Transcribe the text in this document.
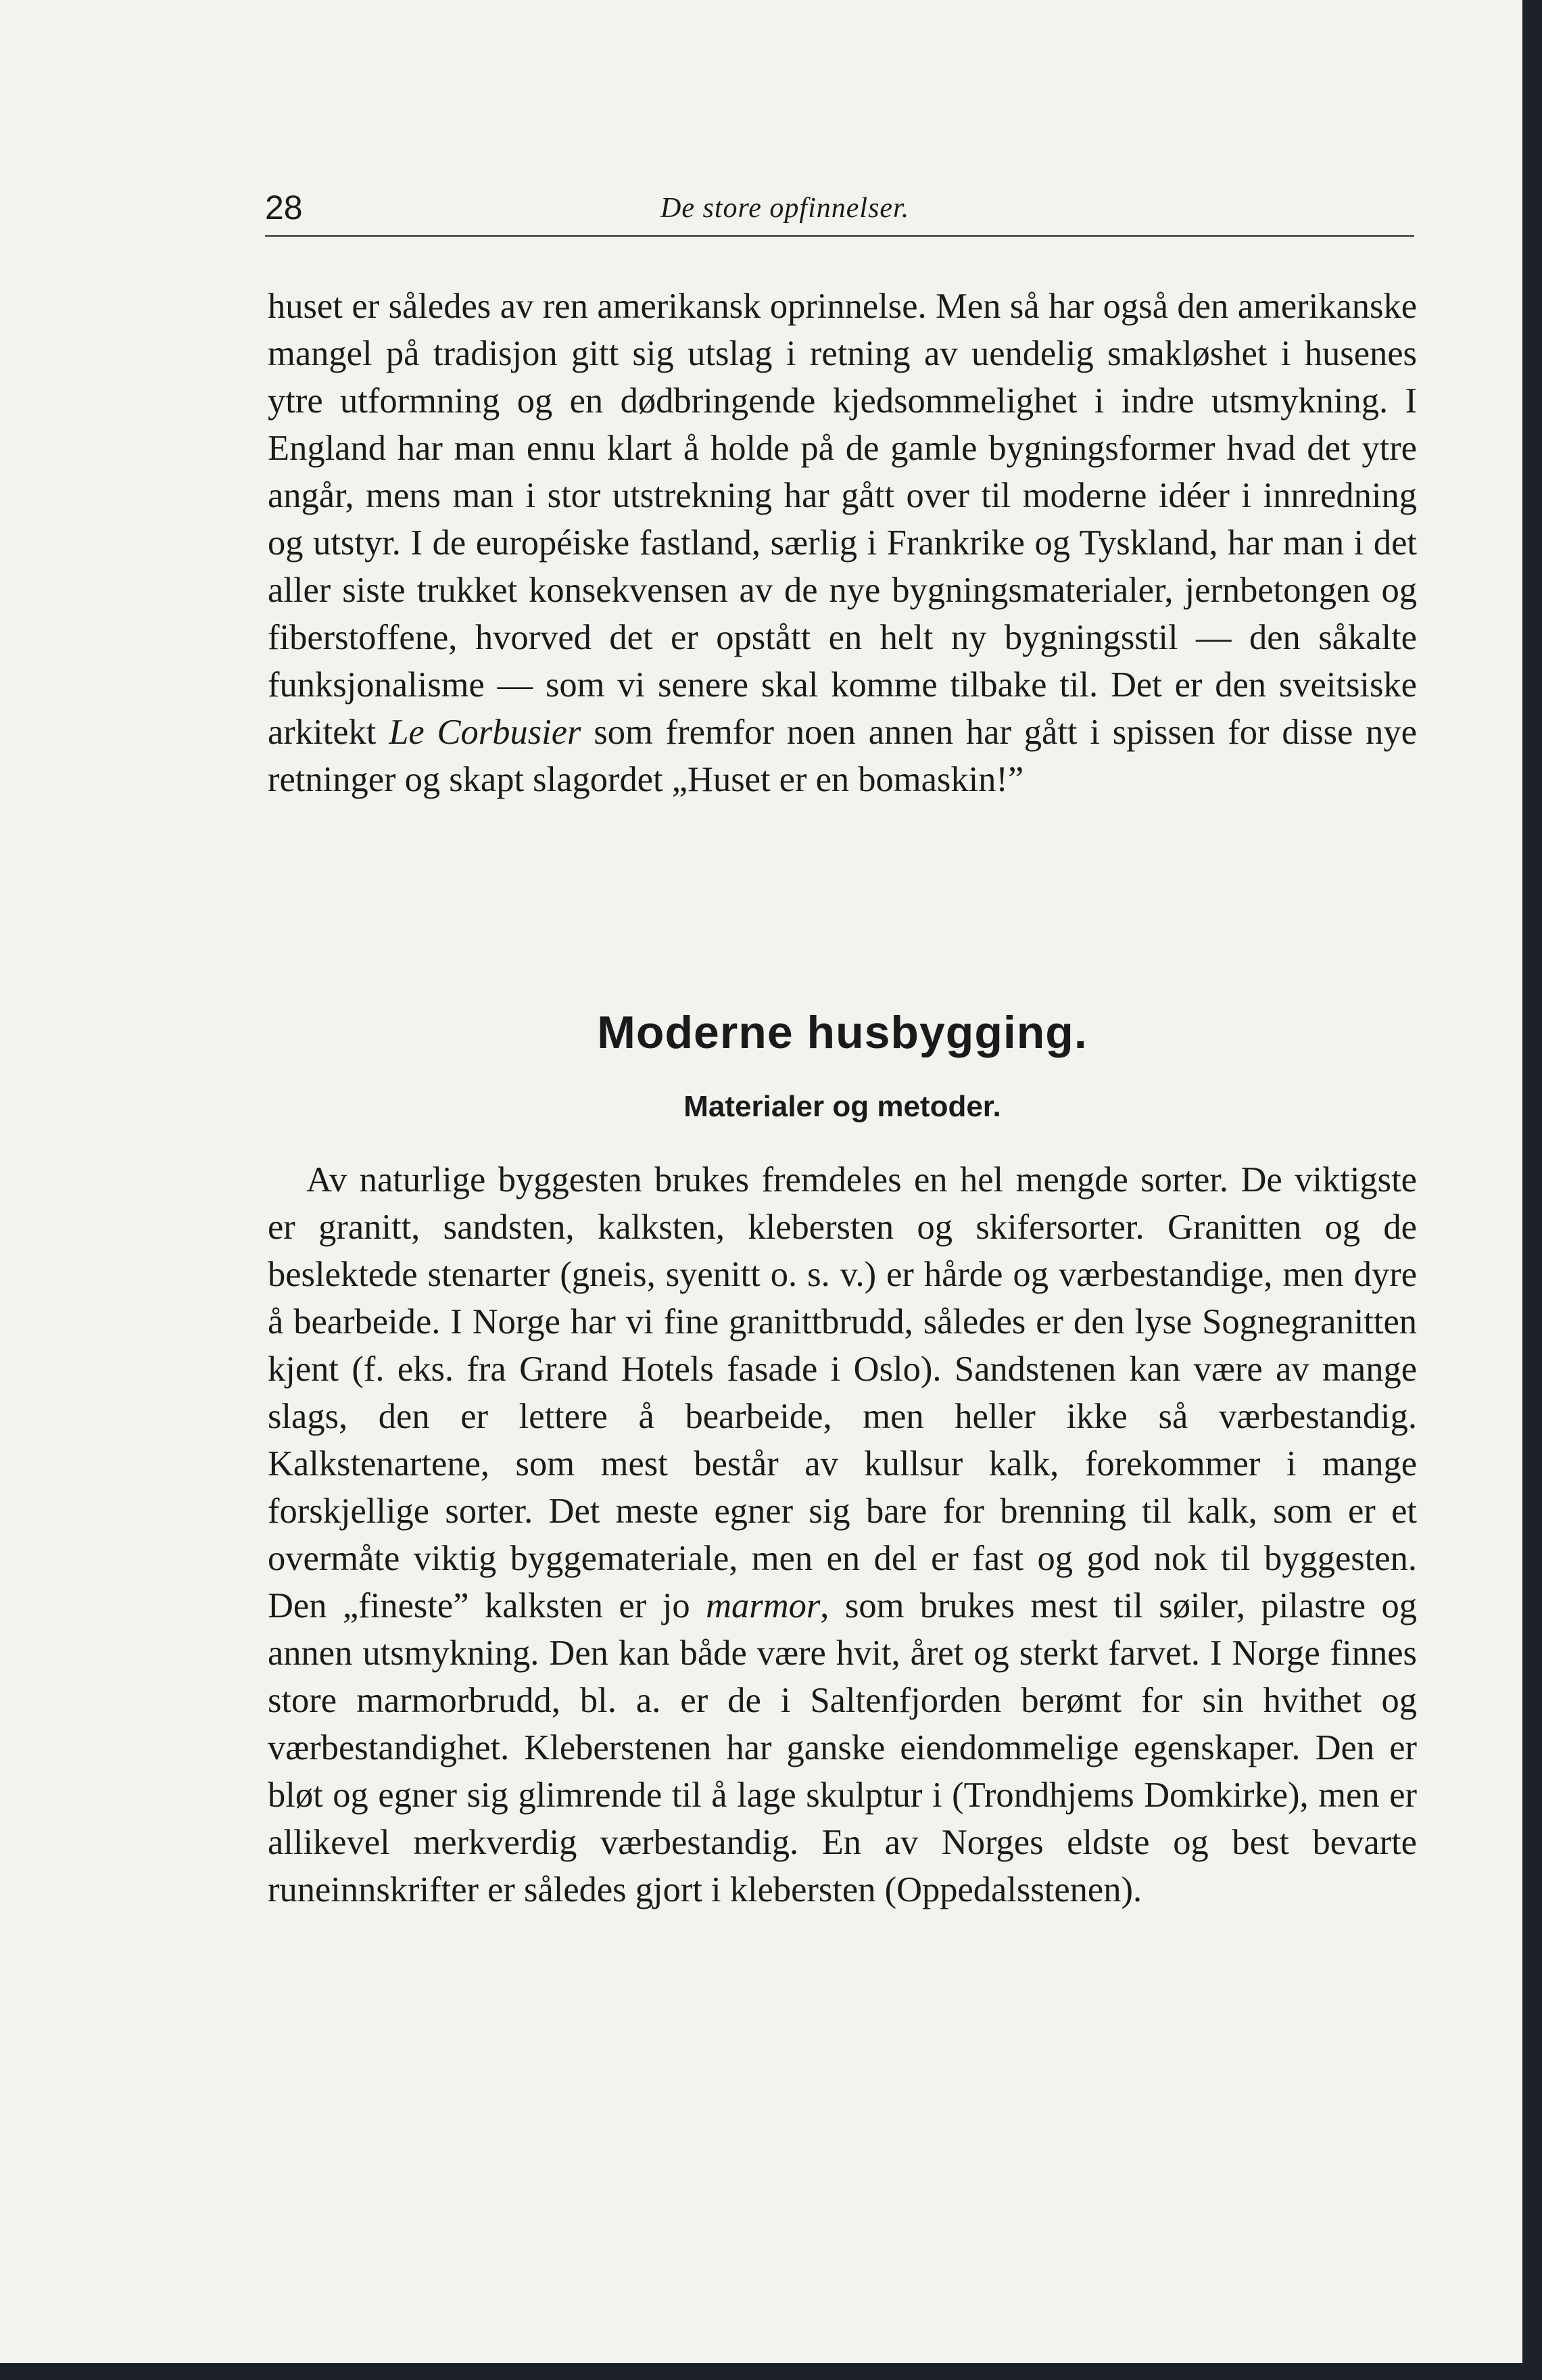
28	De store opfinnelser.

huset er således av ren amerikansk oprinnelse. Men så har også den amerikanske mangel på tradisjon gitt sig utslag i retning av uendelig smakløshet i husenes ytre utformning og en dødbringende kjedsommelighet i indre utsmykning. I England har man ennu klart å holde på de gamle bygningsformer hvad det ytre angår, mens man i stor utstrekning har gått over til moderne idéer i innredning og utstyr. I de européiske fastland, særlig i Frankrike og Tyskland, har man i det aller siste trukket konsekvensen av de nye bygningsmaterialer, jernbetongen og fiberstoffene, hvorved det er opstått en helt ny bygningsstil — den såkalte funksjonalisme — som vi senere skal komme tilbake til. Det er den sveitsiske arkitekt Le Corbusier som fremfor noen annen har gått i spissen for disse nye retninger og skapt slagordet „Huset er en bomaskin!”

Moderne husbygging.
Materialer og metoder.

Av naturlige byggesten brukes fremdeles en hel mengde sorter. De viktigste er granitt, sandsten, kalksten, klebersten og skifersorter. Granitten og de beslektede stenarter (gneis, syenitt o. s. v.) er hårde og værbestandige, men dyre å bearbeide. I Norge har vi fine granittbrudd, således er den lyse Sognegranitten kjent (f. eks. fra Grand Hotels fasade i Oslo). Sandstenen kan være av mange slags, den er lettere å bearbeide, men heller ikke så værbestandig. Kalkstenartene, som mest består av kullsur kalk, forekommer i mange forskjellige sorter. Det meste egner sig bare for brenning til kalk, som er et overmåte viktig byggemateriale, men en del er fast og god nok til byggesten. Den „fineste” kalksten er jo marmor, som brukes mest til søiler, pilastre og annen utsmykning. Den kan både være hvit, året og sterkt farvet. I Norge finnes store marmorbrudd, bl. a. er de i Saltenfjorden berømt for sin hvithet og værbestandighet. Kleberstenen har ganske eiendommelige egenskaper. Den er bløt og egner sig glimrende til å lage skulptur i (Trondhjems Domkirke), men er allikevel merkverdig værbestandig. En av Norges eldste og best bevarte runeinnskrifter er således gjort i klebersten (Oppedalsstenen).
